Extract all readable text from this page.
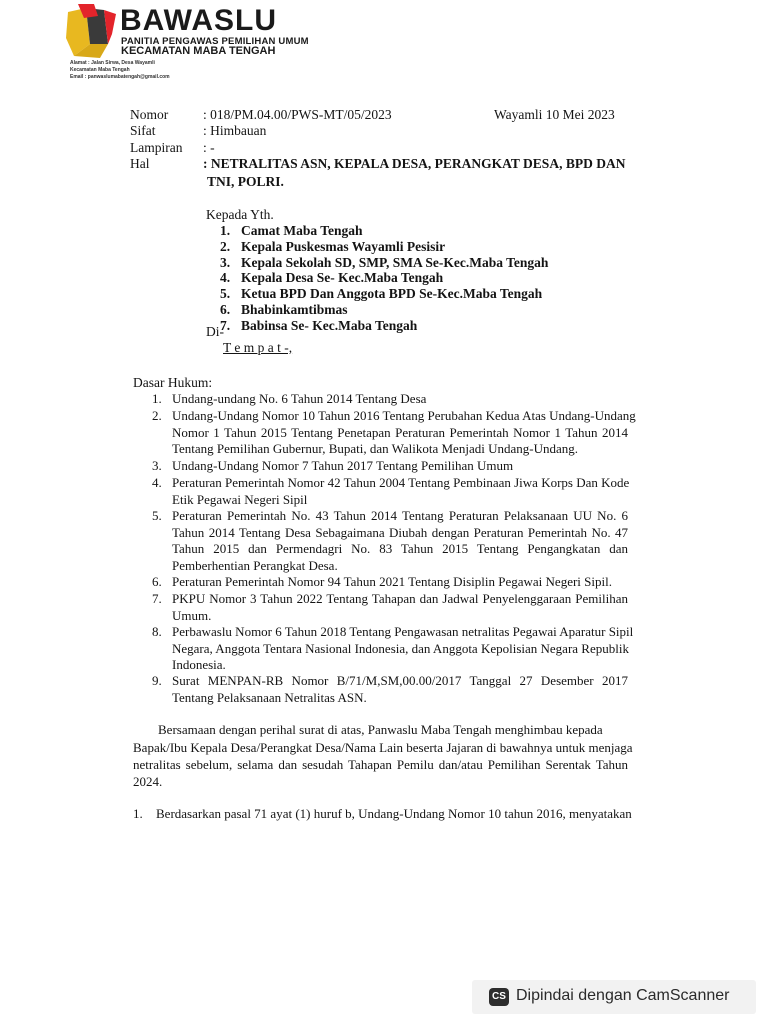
BAWASLU
PANITIA PENGAWAS PEMILIHAN UMUM
KECAMATAN MABA TENGAH
Alamat : Jalan Sirwa, Desa Wayamli
Kecamatan Maba Tengah
Email : panwaslumabatengah@gmail.com
Nomor	: 018/PM.04.00/PWS-MT/05/2023	Wayamli 10 Mei 2023
Sifat	: Himbauan
Lampiran : -
Hal	: NETRALITAS ASN, KEPALA DESA, PERANGKAT DESA, BPD DAN
TNI, POLRI.
Kepada Yth.
1. Camat Maba Tengah
2. Kepala Puskesmas Wayamli Pesisir
3. Kepala Sekolah SD, SMP, SMA Se-Kec.Maba Tengah
4. Kepala Desa Se- Kec.Maba Tengah
5. Ketua BPD Dan Anggota BPD Se-Kec.Maba Tengah
6. Bhabinkamtibmas
7. Babinsa Se- Kec.Maba Tengah
Di-
T e m p a t -,
Dasar Hukum:
1. Undang-undang No. 6 Tahun 2014 Tentang Desa
2. Undang-Undang Nomor 10 Tahun 2016 Tentang Perubahan Kedua Atas Undang-Undang
Nomor 1 Tahun 2015 Tentang Penetapan Peraturan Pemerintah Nomor 1 Tahun 2014
Tentang Pemilihan Gubernur, Bupati, dan Walikota Menjadi Undang-Undang.
3. Undang-Undang Nomor 7 Tahun 2017 Tentang Pemilihan Umum
4. Peraturan Pemerintah Nomor 42 Tahun 2004 Tentang Pembinaan Jiwa Korps Dan Kode
Etik Pegawai Negeri Sipil
5. Peraturan Pemerintah No. 43 Tahun 2014 Tentang Peraturan Pelaksanaan UU No. 6
Tahun 2014 Tentang Desa Sebagaimana Diubah dengan Peraturan Pemerintah No. 47
Tahun 2015 dan Permendagri No. 83 Tahun 2015 Tentang Pengangkatan dan
Pemberhentian Perangkat Desa.
6. Peraturan Pemerintah Nomor 94 Tahun 2021 Tentang Disiplin Pegawai Negeri Sipil.
7. PKPU Nomor 3 Tahun 2022 Tentang Tahapan dan Jadwal Penyelenggaraan Pemilihan
Umum.
8. Perbawaslu Nomor 6 Tahun 2018 Tentang Pengawasan netralitas Pegawai Aparatur Sipil
Negara, Anggota Tentara Nasional Indonesia, dan Anggota Kepolisian Negara Republik
Indonesia.
9. Surat MENPAN-RB Nomor B/71/M,SM,00.00/2017 Tanggal 27 Desember 2017
Tentang Pelaksanaan Netralitas ASN.
Bersamaan dengan perihal surat di atas, Panwaslu Maba Tengah menghimbau kepada
Bapak/Ibu Kepala Desa/Perangkat Desa/Nama Lain beserta Jajaran di bawahnya untuk menjaga
netralitas sebelum, selama dan sesudah Tahapan Pemilu dan/atau Pemilihan Serentak Tahun
2024.
1. Berdasarkan pasal 71 ayat (1) huruf b, Undang-Undang Nomor 10 tahun 2016, menyatakan
CS Dipindai dengan CamScanner
